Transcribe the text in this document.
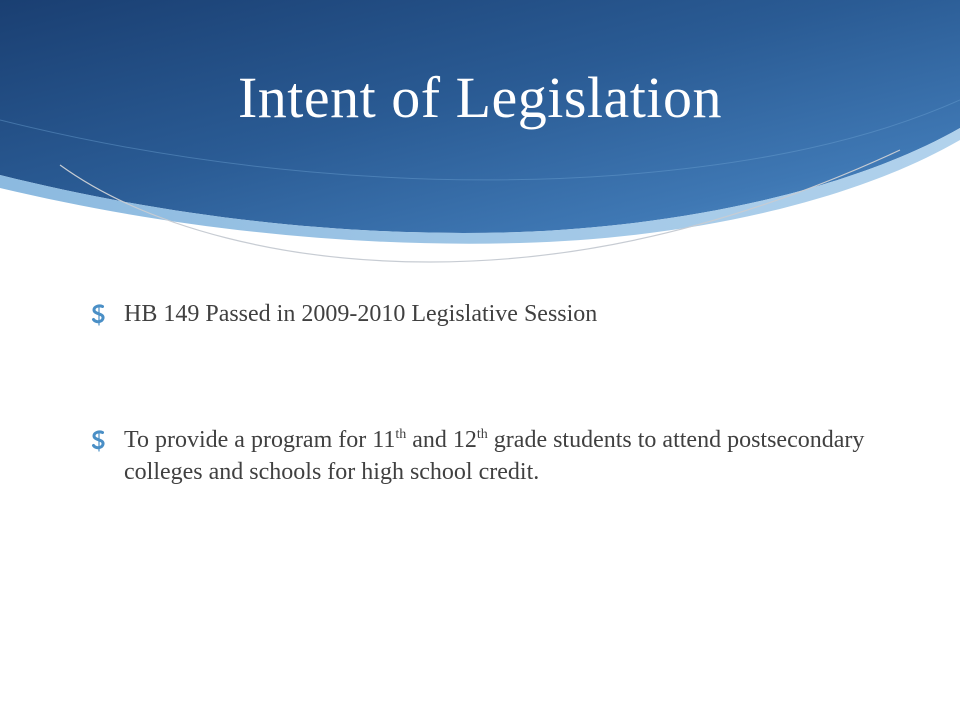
Intent of Legislation
HB 149 Passed in 2009-2010 Legislative Session
To provide a program for 11th and 12th grade students to attend postsecondary colleges and schools for high school credit.
